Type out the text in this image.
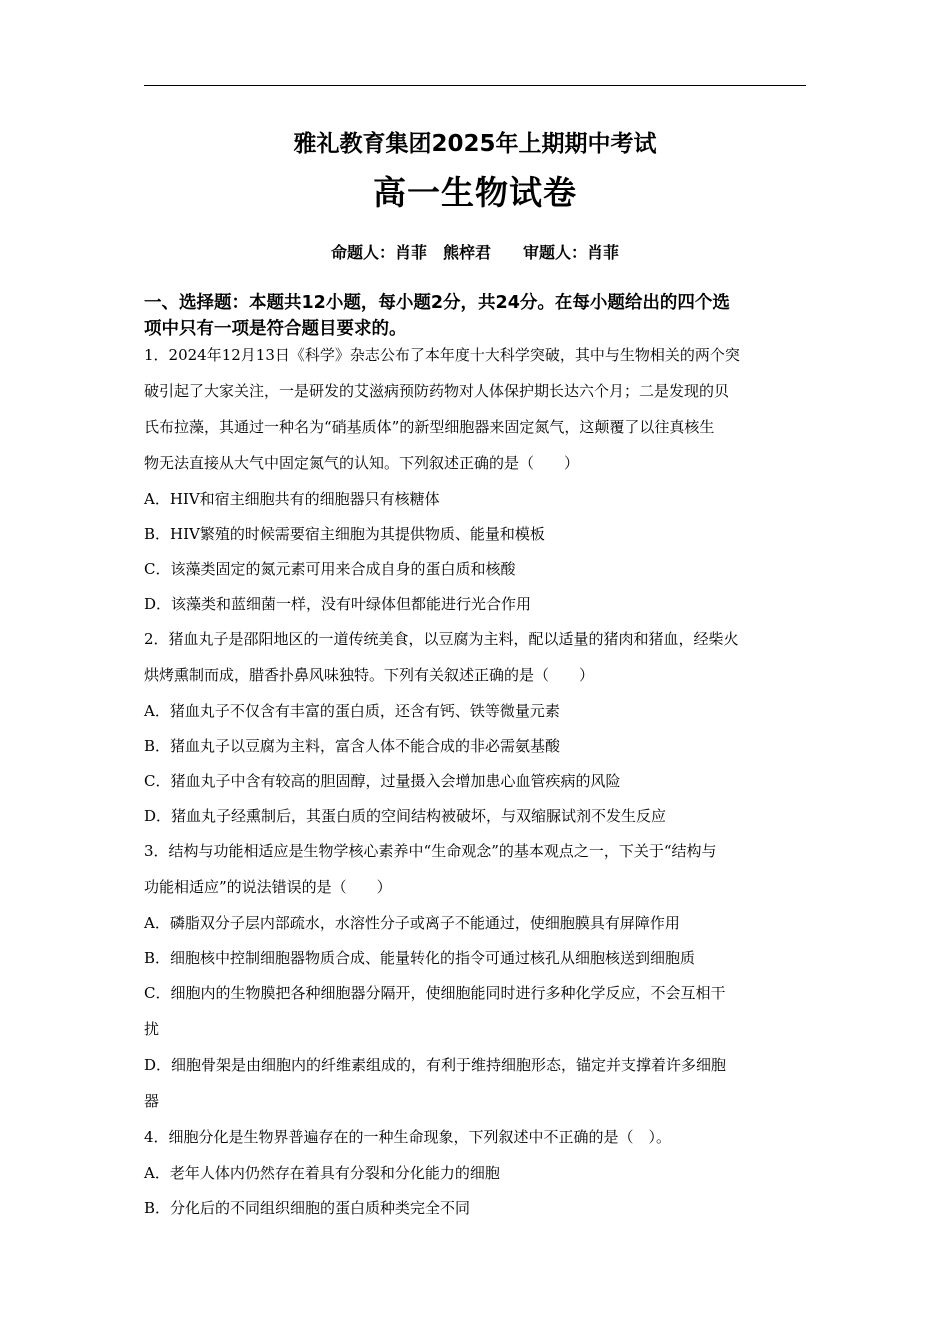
雅礼教育集团2025年上期期中考试
高一生物试卷
命题人：肖菲　熊梓君　　审题人：肖菲
一、选择题：本题共12小题，每小题2分，共24分。在每小题给出的四个选
项中只有一项是符合题目要求的。
1．2024年12月13日《科学》杂志公布了本年度十大科学突破，其中与生物相关的两个突
破引起了大家关注，一是研发的艾滋病预防药物对人体保护期长达六个月；二是发现的贝
氏布拉藻，其通过一种名为“硝基质体”的新型细胞器来固定氮气，这颠覆了以往真核生
物无法直接从大气中固定氮气的认知。下列叙述正确的是（　　）
A．HIV和宿主细胞共有的细胞器只有核糖体
B．HIV繁殖的时候需要宿主细胞为其提供物质、能量和模板
C．该藻类固定的氮元素可用来合成自身的蛋白质和核酸
D．该藻类和蓝细菌一样，没有叶绿体但都能进行光合作用
2．猪血丸子是邵阳地区的一道传统美食，以豆腐为主料，配以适量的猪肉和猪血，经柴火
烘烤熏制而成，腊香扑鼻风味独特。下列有关叙述正确的是（　　）
A．猪血丸子不仅含有丰富的蛋白质，还含有钙、铁等微量元素
B．猪血丸子以豆腐为主料，富含人体不能合成的非必需氨基酸
C．猪血丸子中含有较高的胆固醇，过量摄入会增加患心血管疾病的风险
D．猪血丸子经熏制后，其蛋白质的空间结构被破坏，与双缩脲试剂不发生反应
3．结构与功能相适应是生物学核心素养中“生命观念”的基本观点之一，下关于“结构与
功能相适应”的说法错误的是（　　）
A．磷脂双分子层内部疏水，水溶性分子或离子不能通过，使细胞膜具有屏障作用
B．细胞核中控制细胞器物质合成、能量转化的指令可通过核孔从细胞核送到细胞质
C．细胞内的生物膜把各种细胞器分隔开，使细胞能同时进行多种化学反应，不会互相干
扰
D．细胞骨架是由细胞内的纤维素组成的，有利于维持细胞形态，锚定并支撑着许多细胞
器
4．细胞分化是生物界普遍存在的一种生命现象，下列叙述中不正确的是（　）。
A．老年人体内仍然存在着具有分裂和分化能力的细胞
B．分化后的不同组织细胞的蛋白质种类完全不同
